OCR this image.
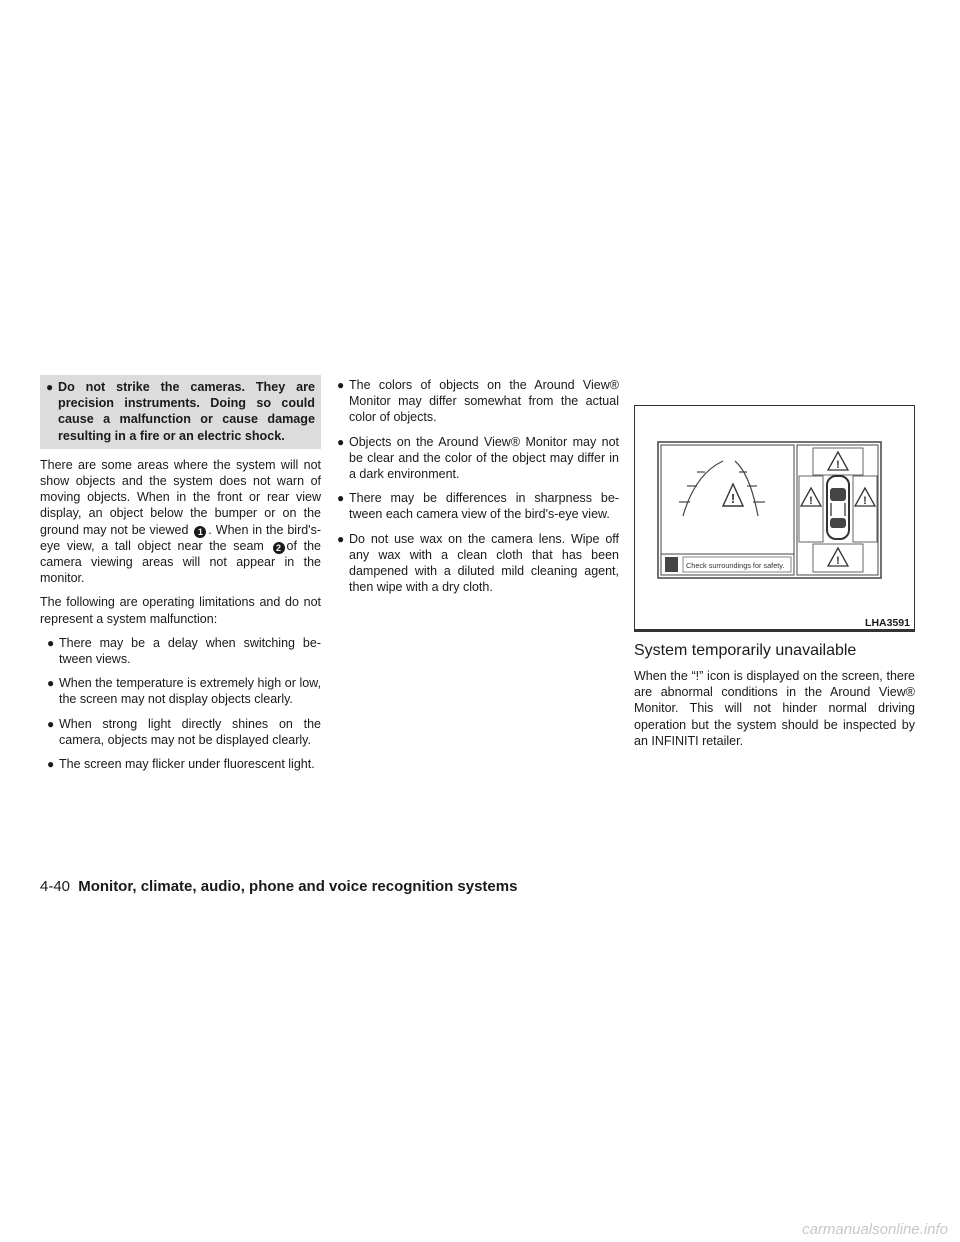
● Do not strike the cameras. They are precision instruments. Doing so could cause a malfunction or cause damage resulting in a fire or an electric shock.

There are some areas where the system will not show objects and the system does not warn of moving objects. When in the front or rear view display, an object below the bumper or on the ground may not be viewed 1 . When in the bird's-eye view, a tall object near the seam 2 of the camera viewing areas will not appear in the monitor.

The following are operating limitations and do not represent a system malfunction:

● There may be a delay when switching be- tween views.
● When the temperature is extremely high or low, the screen may not display objects clearly.
● When strong light directly shines on the camera, objects may not be displayed clearly.
● The screen may flicker under fluorescent light.
● The colors of objects on the Around View® Monitor may differ somewhat from the actual color of objects.
● Objects on the Around View® Monitor may not be clear and the color of the object may differ in a dark environment.
● There may be differences in sharpness be- tween each camera view of the bird's-eye view.
● Do not use wax on the camera lens. Wipe off any wax with a clean cloth that has been dampened with a diluted mild cleaning agent, then wipe with a dry cloth.
!
Check surroundings for safety.
!
!	!
!
LHA3591
System temporarily unavailable

When the “!” icon is displayed on the screen, there are abnormal conditions in the Around View® Monitor. This will not hinder normal driving operation but the system should be inspected by an INFINITI retailer.

4-40 Monitor, climate, audio, phone and voice recognition systems
carmanualsonline.info
